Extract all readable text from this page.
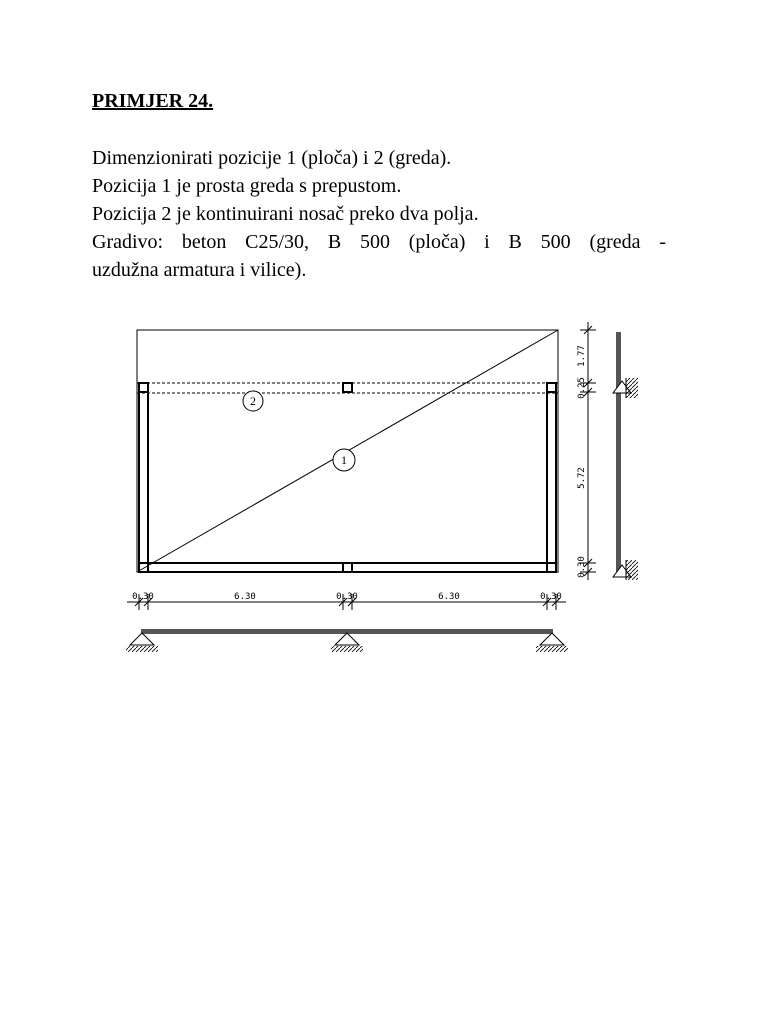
PRIMJER 24.

Dimenzionirati pozicije 1 (ploča) i 2 (greda).

Pozicija 1 je prosta greda s prepustom.

Pozicija 2 je kontinuirani nosač preko dva polja.

Gradivo: beton C25/30, B 500 (ploča) i B 500 (greda -

uzdužna armatura i vilice).

2
1
0.30	6.30	0.30	6.30	0.30
1.77
0.25
5.72
0.30
